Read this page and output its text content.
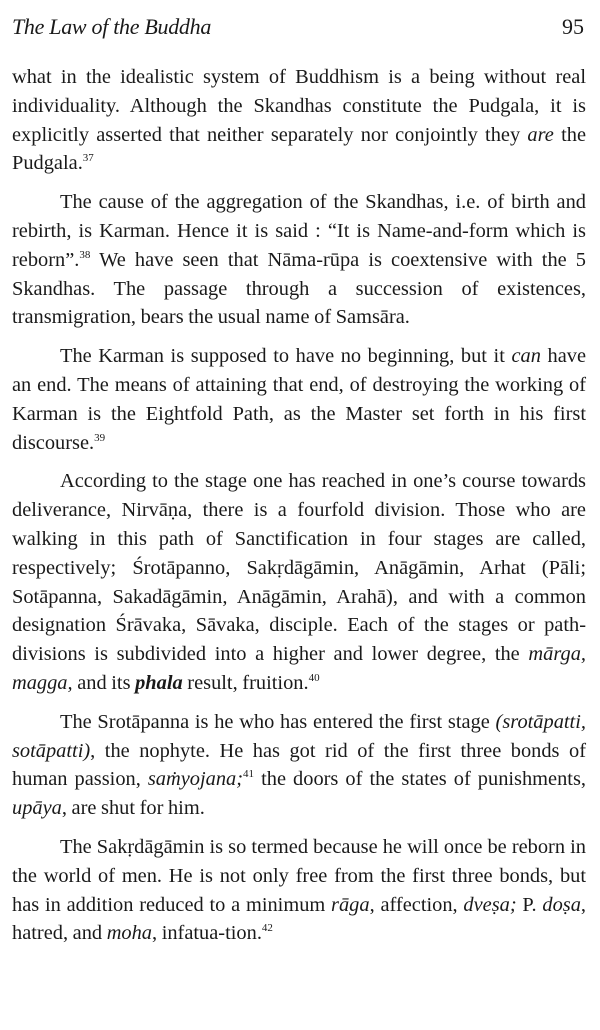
The Law of the Buddha	95

what in the idealistic system of Buddhism is a being without real individuality. Although the Skandhas constitute the Pudgala, it is explicitly asserted that neither separately nor conjointly they are the Pudgala.$^{37}$

The cause of the aggregation of the Skandhas, i.e. of birth and rebirth, is Karman. Hence it is said : “It is Name-and-form which is reborn”.$^{38}$ We have seen that Nāma-rūpa is coextensive with the 5 Skandhas. The passage through a succession of existences, transmigration, bears the usual name of Samsāra.

The Karman is supposed to have no beginning, but it can have an end. The means of attaining that end, of destroying the working of Karman is the Eightfold Path, as the Master set forth in his first discourse.$^{39}$

According to the stage one has reached in one’s course towards deliverance, Nirvāṇa, there is a fourfold division. Those who are walking in this path of Sanctification in four stages are called, respectively; Śrotāpanno, Sakṛdāgāmin, Anāgāmin, Arhat (Pāli; Sotāpanna, Sakadāgāmin, Anāgāmin, Arahā), and with a common designation Śrāvaka, Sāvaka, disciple. Each of the stages or path-divisions is subdivided into a higher and lower degree, the mārga, magga, and its phala result, fruition.$^{40}$

The Srotāpanna is he who has entered the first stage (srotāpatti, sotāpatti), the nophyte. He has got rid of the first three bonds of human passion, saṁyojana;$^{41}$ the doors of the states of punishments, upāya, are shut for him.

The Sakṛdāgāmin is so termed because he will once be reborn in the world of men. He is not only free from the first three bonds, but has in addition reduced to a minimum rāga, affection, dveṣa; P. doṣa, hatred, and moha, infatua-tion.$^{42}$
